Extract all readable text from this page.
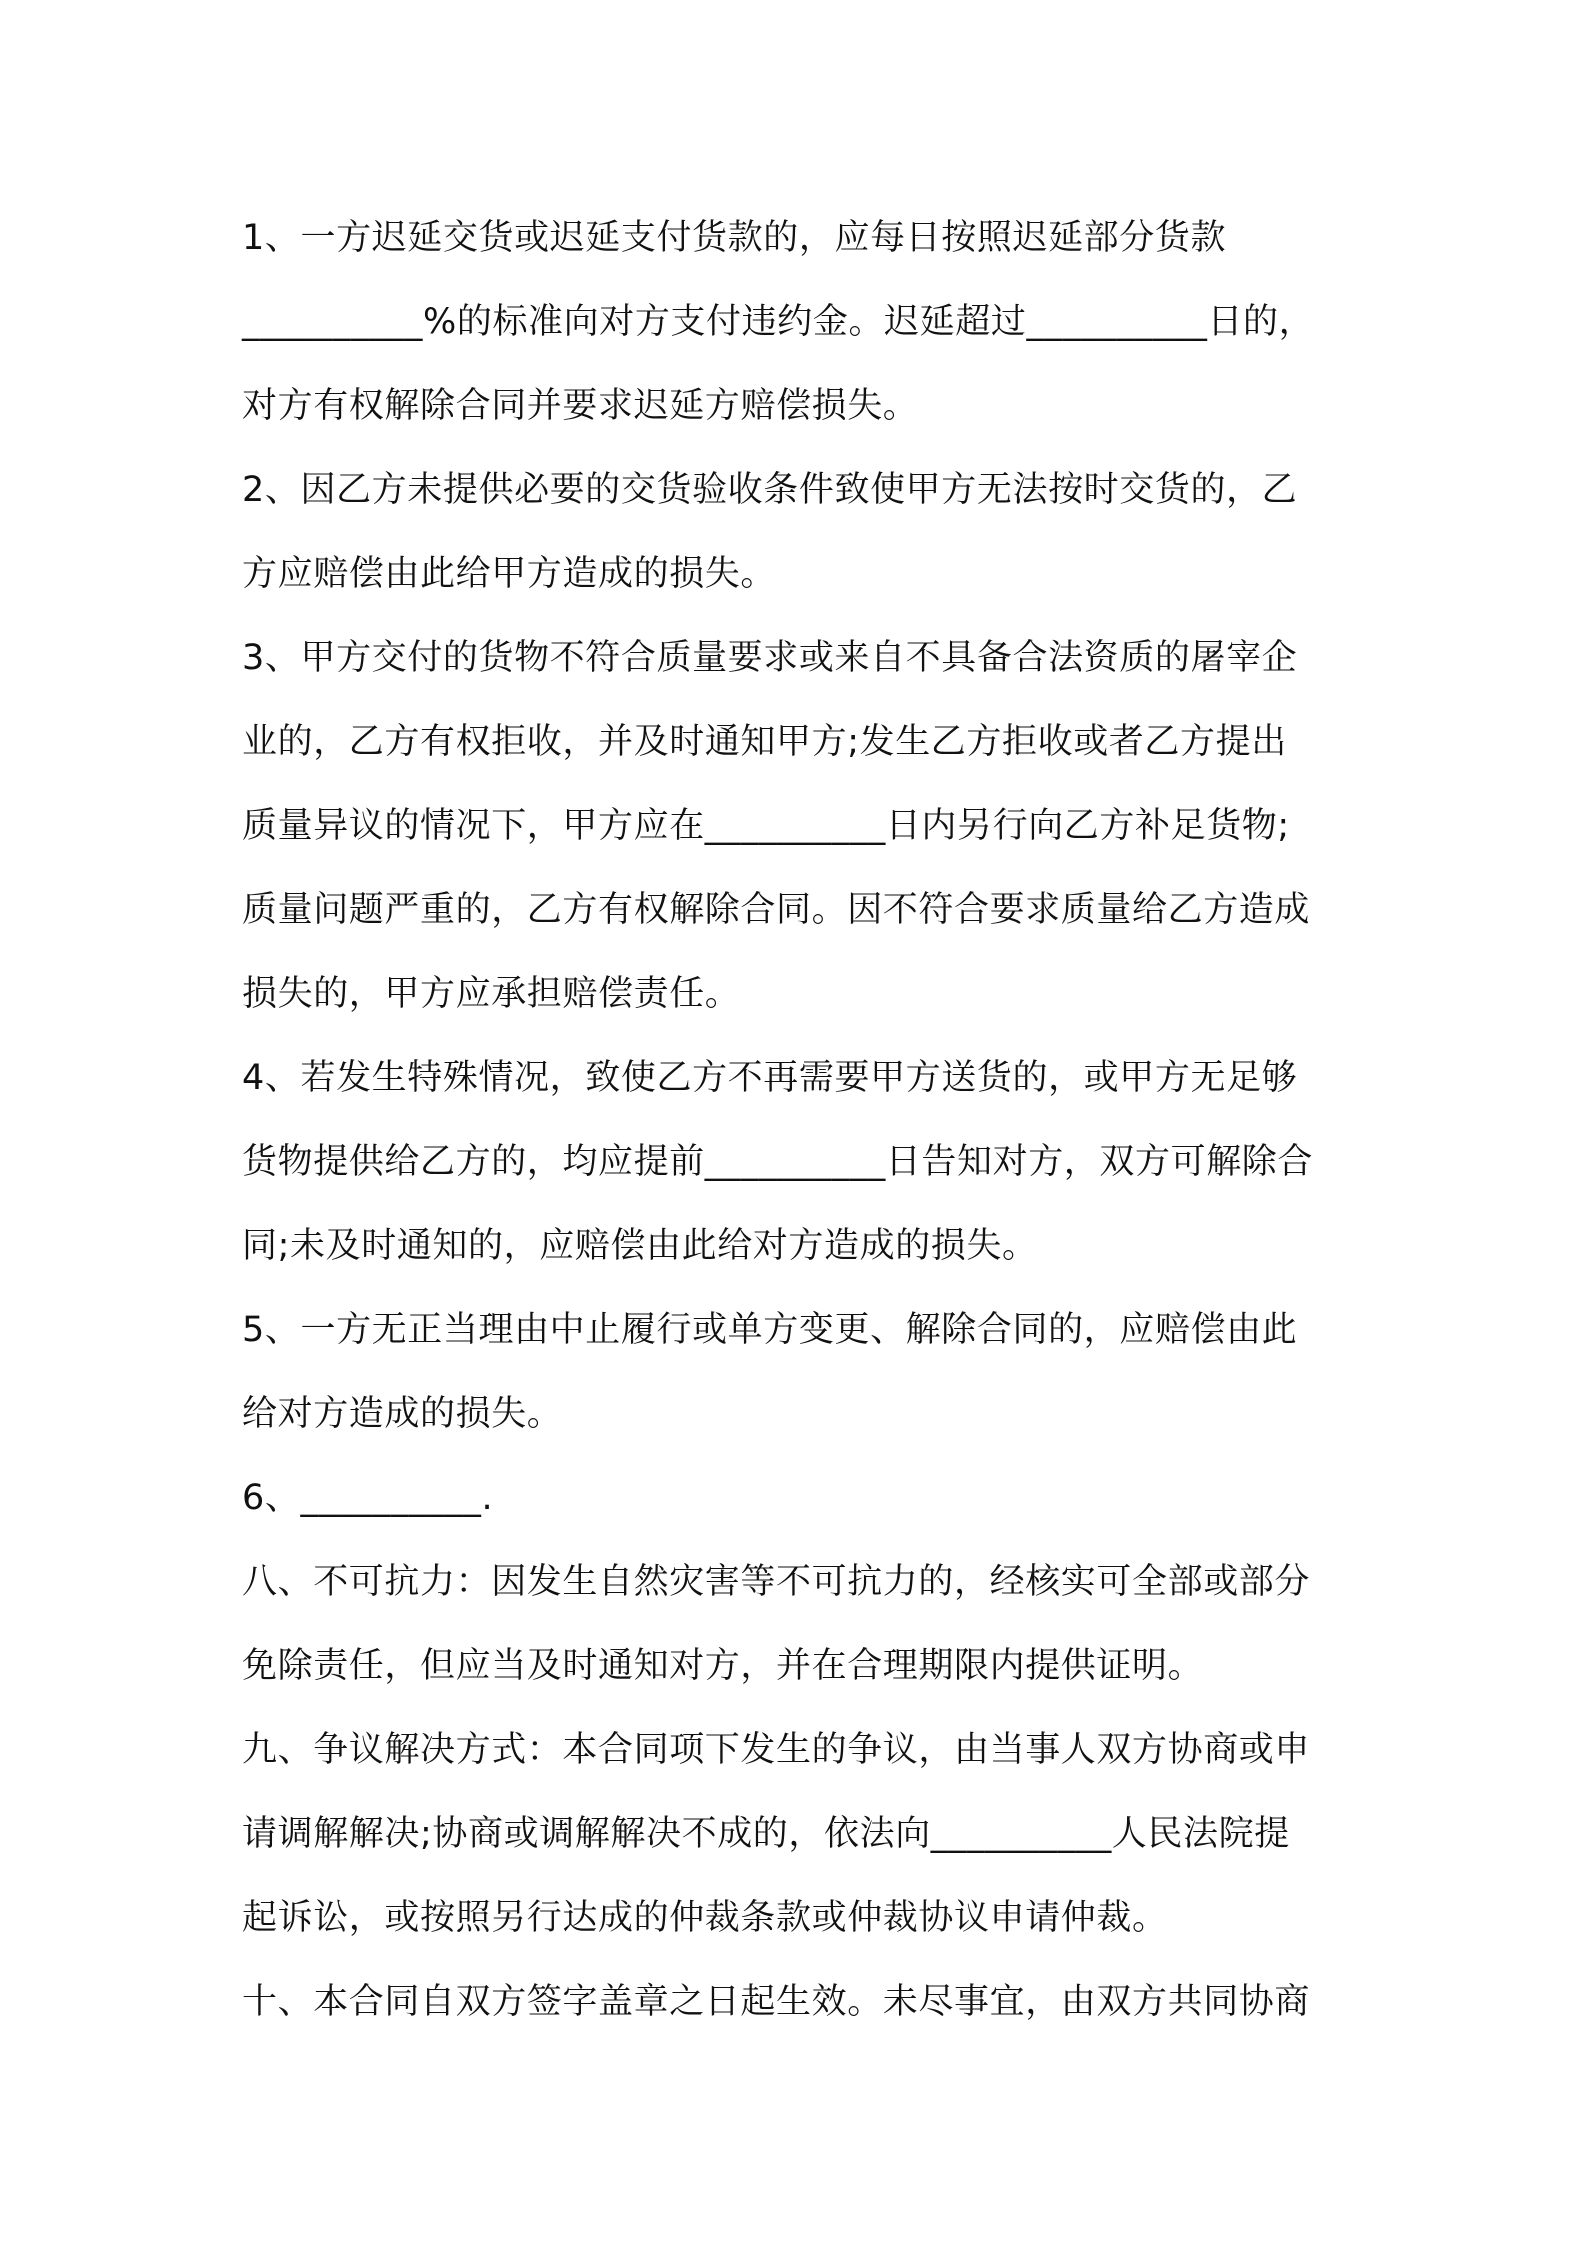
1、一方迟延交货或迟延支付货款的，应每日按照迟延部分货款
__________%的标准向对方支付违约金。迟延超过__________日的，
对方有权解除合同并要求迟延方赔偿损失。
2、因乙方未提供必要的交货验收条件致使甲方无法按时交货的，乙
方应赔偿由此给甲方造成的损失。
3、甲方交付的货物不符合质量要求或来自不具备合法资质的屠宰企
业的，乙方有权拒收，并及时通知甲方;发生乙方拒收或者乙方提出
质量异议的情况下，甲方应在__________日内另行向乙方补足货物;
质量问题严重的，乙方有权解除合同。因不符合要求质量给乙方造成
损失的，甲方应承担赔偿责任。
4、若发生特殊情况，致使乙方不再需要甲方送货的，或甲方无足够
货物提供给乙方的，均应提前__________日告知对方，双方可解除合
同;未及时通知的，应赔偿由此给对方造成的损失。
5、一方无正当理由中止履行或单方变更、解除合同的，应赔偿由此
给对方造成的损失。
6、__________.
八、不可抗力：因发生自然灾害等不可抗力的，经核实可全部或部分
免除责任，但应当及时通知对方，并在合理期限内提供证明。
九、争议解决方式：本合同项下发生的争议，由当事人双方协商或申
请调解解决;协商或调解解决不成的，依法向__________人民法院提
起诉讼，或按照另行达成的仲裁条款或仲裁协议申请仲裁。
十、本合同自双方签字盖章之日起生效。未尽事宜，由双方共同协商
